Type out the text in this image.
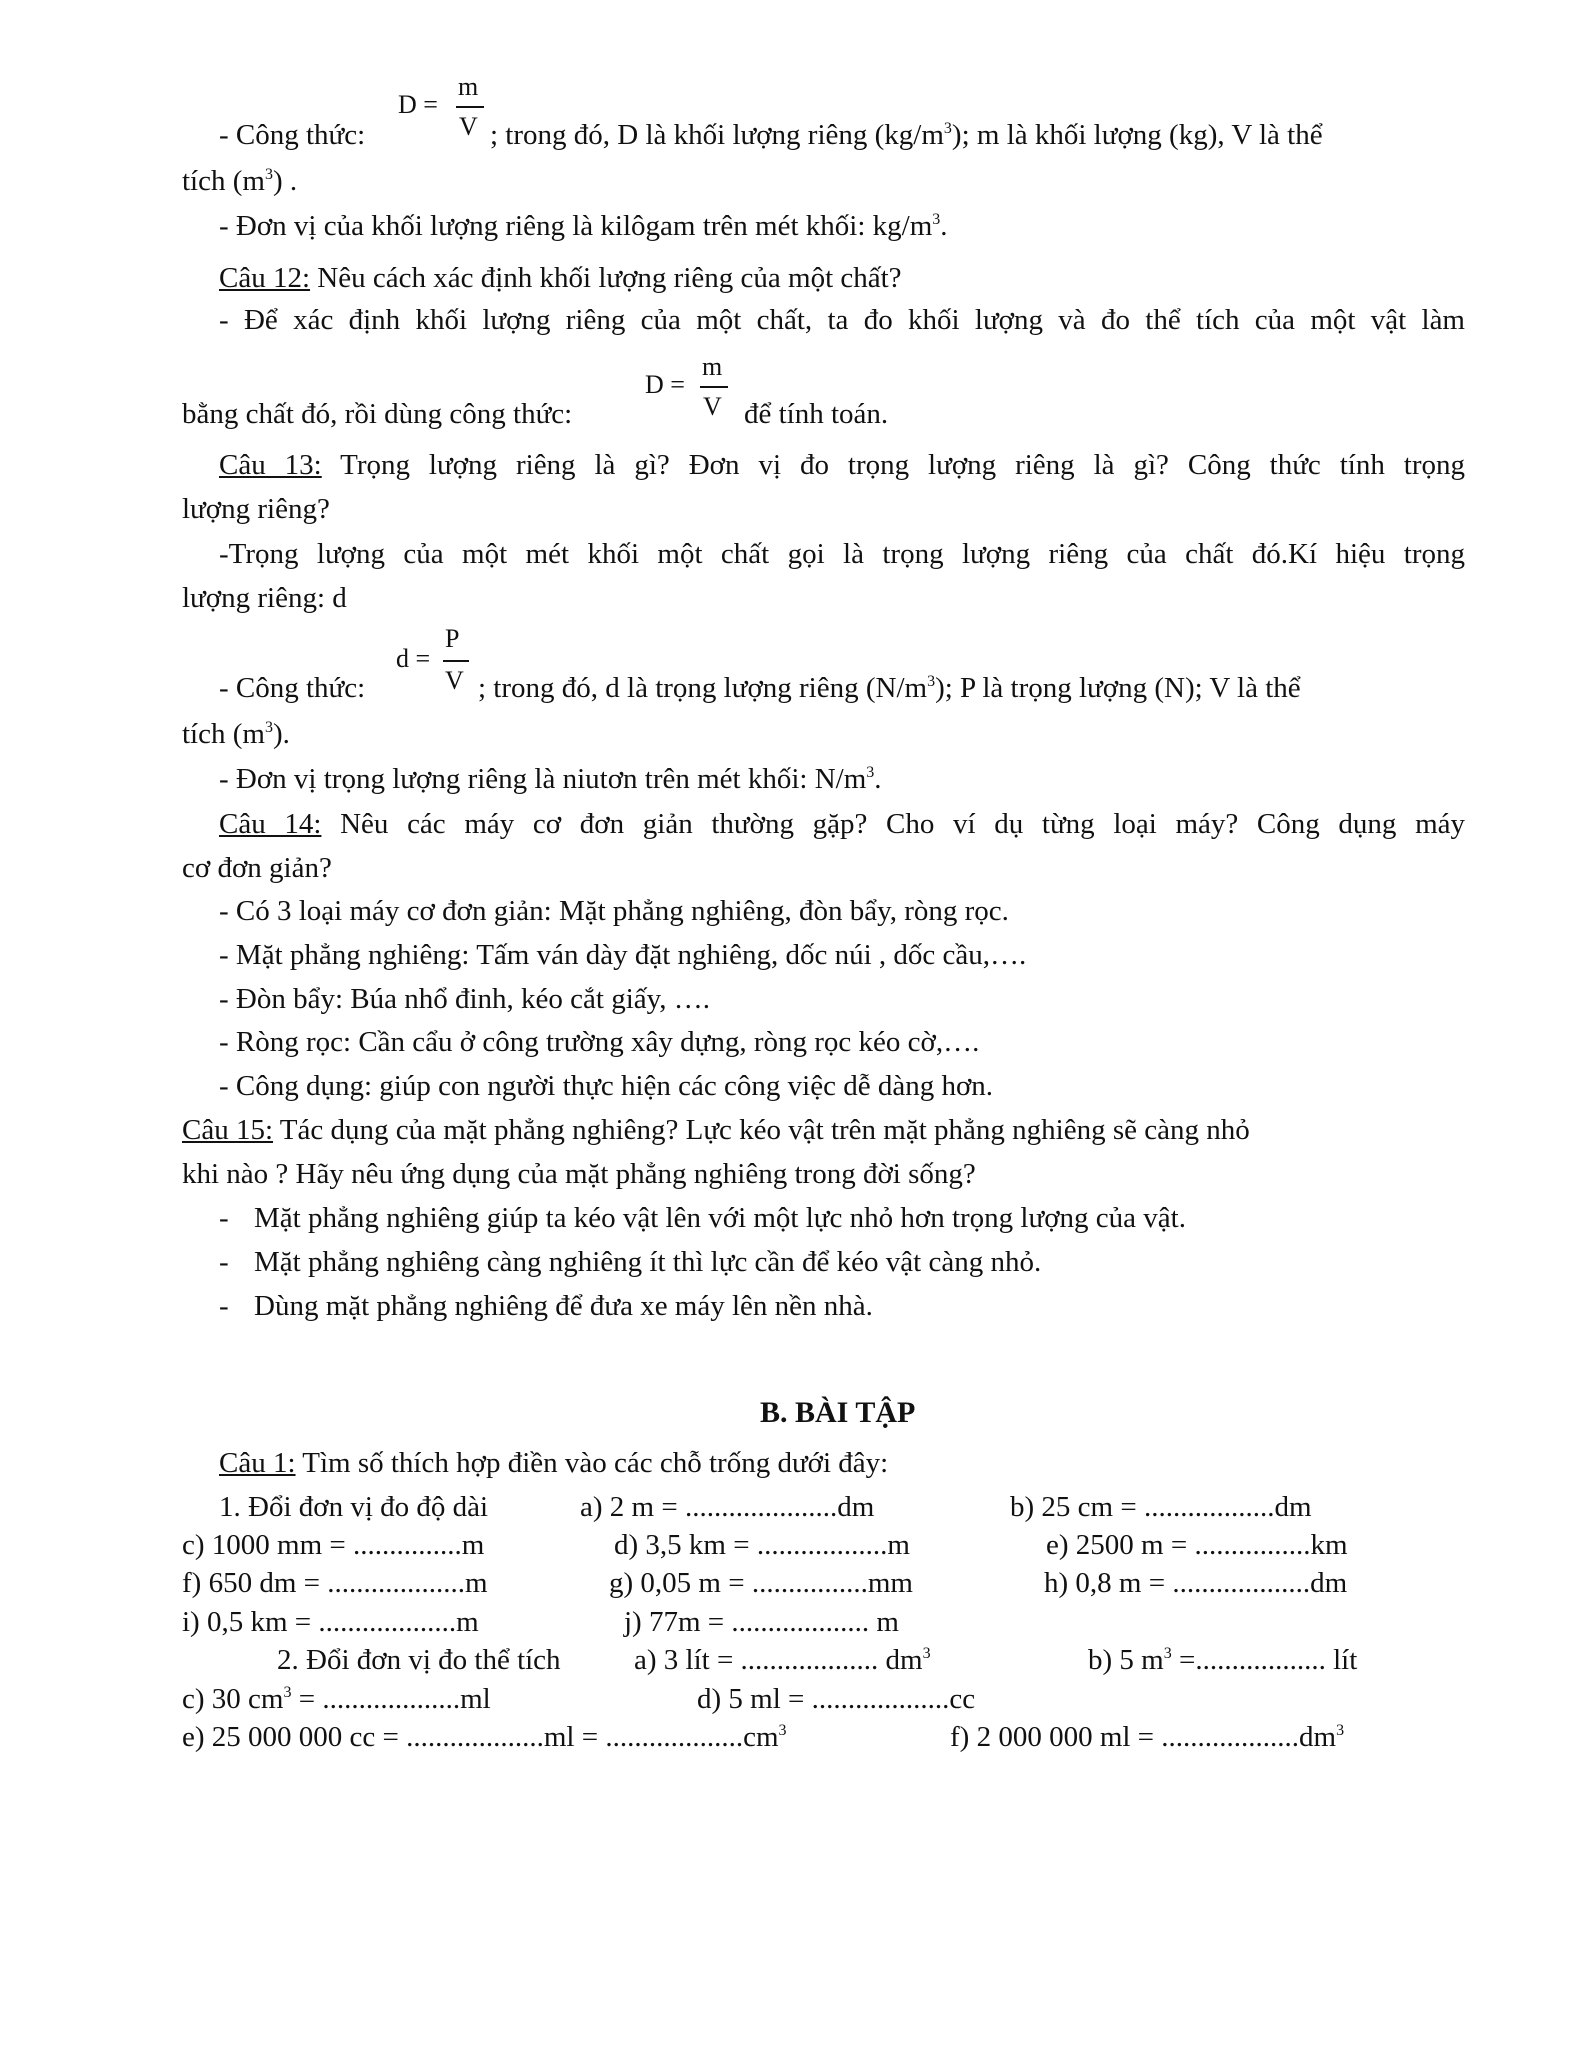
D =
m
V
- Công thức:	; trong đó, D là khối lượng riêng $(kg/m^3)$; m là khối lượng (kg), V là thể
tích $(m^3)$ .
- Đơn vị của khối lượng riêng là kilôgam trên mét khối: $kg/m^3$.
Câu 12: Nêu cách xác định khối lượng riêng của một chất?
- Để xác định khối lượng riêng của một chất, ta đo khối lượng và đo thể tích của một vật làm
D =
m
V
bằng chất đó, rồi dùng công thức:	để tính toán.
Câu 13: Trọng lượng riêng là gì? Đơn vị đo trọng lượng riêng là gì? Công thức tính trọng
lượng riêng?
-Trọng lượng của một mét khối một chất gọi là trọng lượng riêng của chất đó.Kí hiệu trọng
lượng riêng: d
d =
P
V
- Công thức:	; trong đó, d là trọng lượng riêng $(N/m^3)$; P là trọng lượng (N); V là thể
tích $(m^3)$.
- Đơn vị trọng lượng riêng là niutơn trên mét khối: $N/m^3$.
Câu 14: Nêu các máy cơ đơn giản thường gặp? Cho ví dụ từng loại máy? Công dụng máy
cơ đơn giản?
- Có 3 loại máy cơ đơn giản: Mặt phẳng nghiêng, đòn bẩy, ròng rọc.
- Mặt phẳng nghiêng: Tấm ván dày đặt nghiêng, dốc núi , dốc cầu,….
- Đòn bẩy: Búa nhổ đinh, kéo cắt giấy, ….
- Ròng rọc: Cần cẩu ở công trường xây dựng, ròng rọc kéo cờ,….
- Công dụng: giúp con người thực hiện các công việc dễ dàng hơn.
Câu 15: Tác dụng của mặt phẳng nghiêng? Lực kéo vật trên mặt phẳng nghiêng sẽ càng nhỏ
khi nào ? Hãy nêu ứng dụng của mặt phẳng nghiêng trong đời sống?
- Mặt phẳng nghiêng giúp ta kéo vật lên với một lực nhỏ hơn trọng lượng của vật.
- Mặt phẳng nghiêng càng nghiêng ít thì lực cần để kéo vật càng nhỏ.
- Dùng mặt phẳng nghiêng để đưa xe máy lên nền nhà.
B. BÀI TẬP
Câu 1: Tìm số thích hợp điền vào các chỗ trống dưới đây:
1. Đổi đơn vị đo độ dài	a) 2 m = .....................dm	b) 25 cm = ..................dm
c) 1000 mm = ...............m	d) 3,5 km = ..................m	e) 2500 m = ................km
f) 650 dm = ...................m	g) 0,05 m = ................mm	h) 0,8 m = ...................dm
i) 0,5 km = ...................m	j) 77m = ................... m
2. Đổi đơn vị đo thể tích	a) 3 lít = ................... $dm^3$	b) 5 $m^3$ =.................. lít
c) 30 $cm^3 = ...................ml$	d) 5 ml = ...................cc
e) 25 000 000 cc = $...................ml = ...................cm^3$	f) 2 000 000 ml = $...................dm^3$
